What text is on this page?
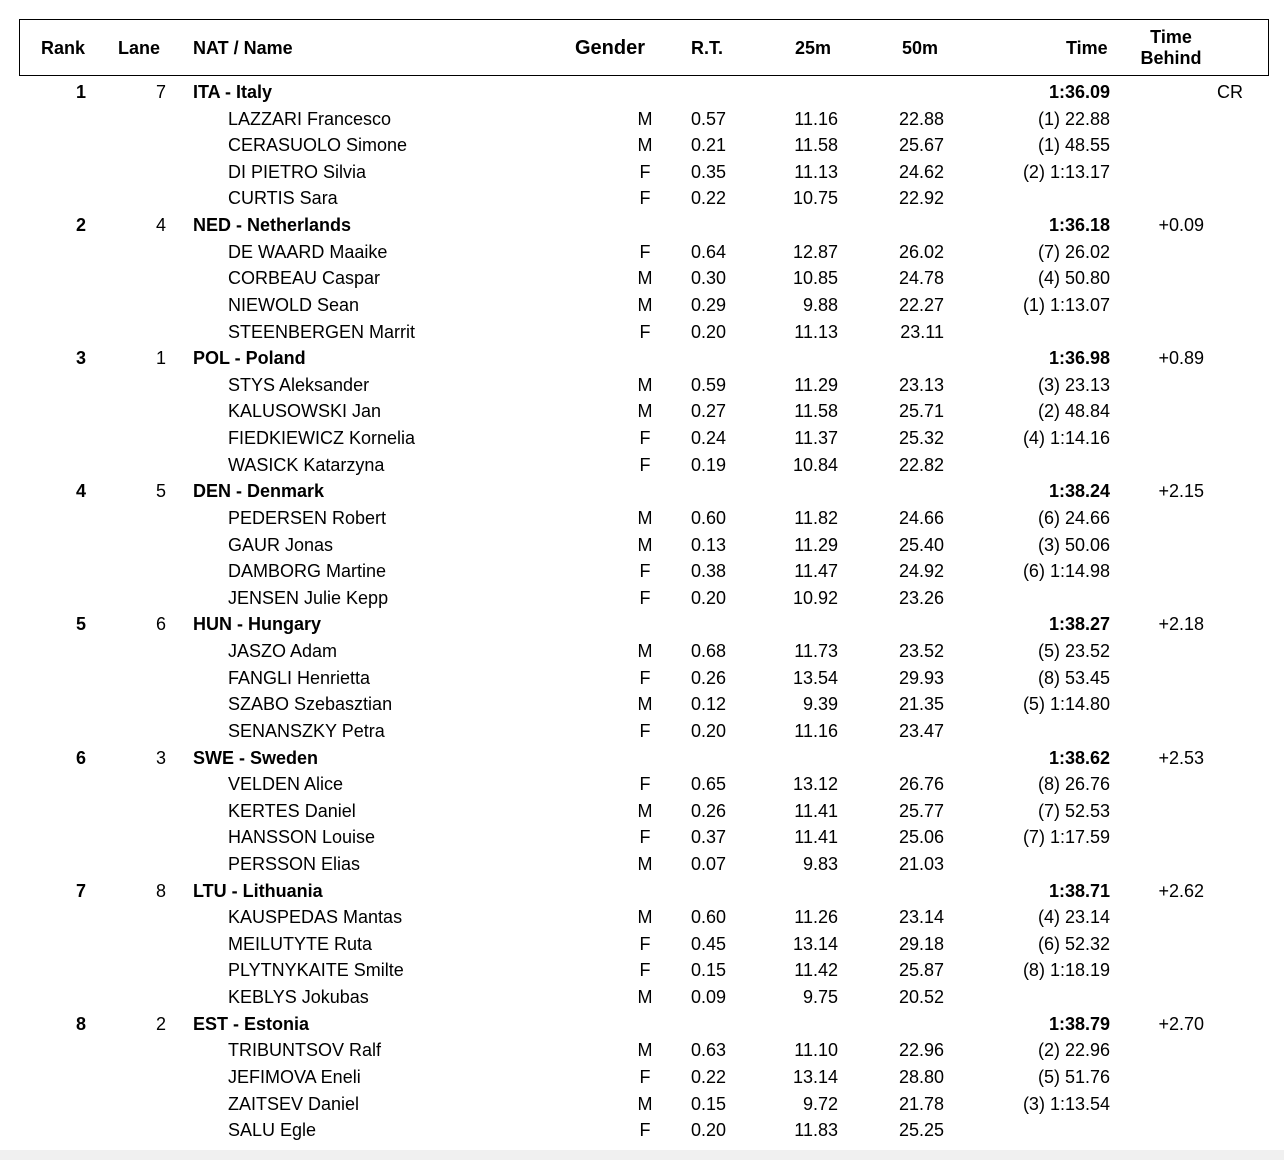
Rank Lane NAT / Name	Gender	R.T.	25m	50m	Time
Time
Behind
1	7 ITA - Italy	1:36.09	CR
LAZZARI Francesco	M	0.57	11.16	22.88	(1) 22.88
CERASUOLO Simone	M	0.21	11.58	25.67	(1) 48.55
DI PIETRO Silvia	F	0.35	11.13	24.62	(2) 1:13.17
CURTIS Sara	F	0.22	10.75	22.92
2	4 NED - Netherlands	1:36.18	+0.09
DE WAARD Maaike	F	0.64	12.87	26.02	(7) 26.02
CORBEAU Caspar	M	0.30	10.85	24.78	(4) 50.80
NIEWOLD Sean	M	0.29	9.88	22.27	(1) 1:13.07
STEENBERGEN Marrit	F	0.20	11.13	23.11
3	1 POL - Poland	1:36.98	+0.89
STYS Aleksander	M	0.59	11.29	23.13	(3) 23.13
KALUSOWSKI Jan	M	0.27	11.58	25.71	(2) 48.84
FIEDKIEWICZ Kornelia	F	0.24	11.37	25.32	(4) 1:14.16
WASICK Katarzyna	F	0.19	10.84	22.82
4	5 DEN - Denmark	1:38.24	+2.15
PEDERSEN Robert	M	0.60	11.82	24.66	(6) 24.66
GAUR Jonas	M	0.13	11.29	25.40	(3) 50.06
DAMBORG Martine	F	0.38	11.47	24.92	(6) 1:14.98
JENSEN Julie Kepp	F	0.20	10.92	23.26
5	6 HUN - Hungary	1:38.27	+2.18
JASZO Adam	M	0.68	11.73	23.52	(5) 23.52
FANGLI Henrietta	F	0.26	13.54	29.93	(8) 53.45
SZABO Szebasztian	M	0.12	9.39	21.35	(5) 1:14.80
SENANSZKY Petra	F	0.20	11.16	23.47
6	3 SWE - Sweden	1:38.62	+2.53
VELDEN Alice	F	0.65	13.12	26.76	(8) 26.76
KERTES Daniel	M	0.26	11.41	25.77	(7) 52.53
HANSSON Louise	F	0.37	11.41	25.06	(7) 1:17.59
PERSSON Elias	M	0.07	9.83	21.03
7	8 LTU - Lithuania	1:38.71	+2.62
KAUSPEDAS Mantas	M	0.60	11.26	23.14	(4) 23.14
MEILUTYTE Ruta	F	0.45	13.14	29.18	(6) 52.32
PLYTNYKAITE Smilte	F	0.15	11.42	25.87	(8) 1:18.19
KEBLYS Jokubas	M	0.09	9.75	20.52
8	2 EST - Estonia	1:38.79	+2.70
TRIBUNTSOV Ralf	M	0.63	11.10	22.96	(2) 22.96
JEFIMOVA Eneli	F	0.22	13.14	28.80	(5) 51.76
ZAITSEV Daniel	M	0.15	9.72	21.78	(3) 1:13.54
SALU Egle	F	0.20	11.83	25.25
